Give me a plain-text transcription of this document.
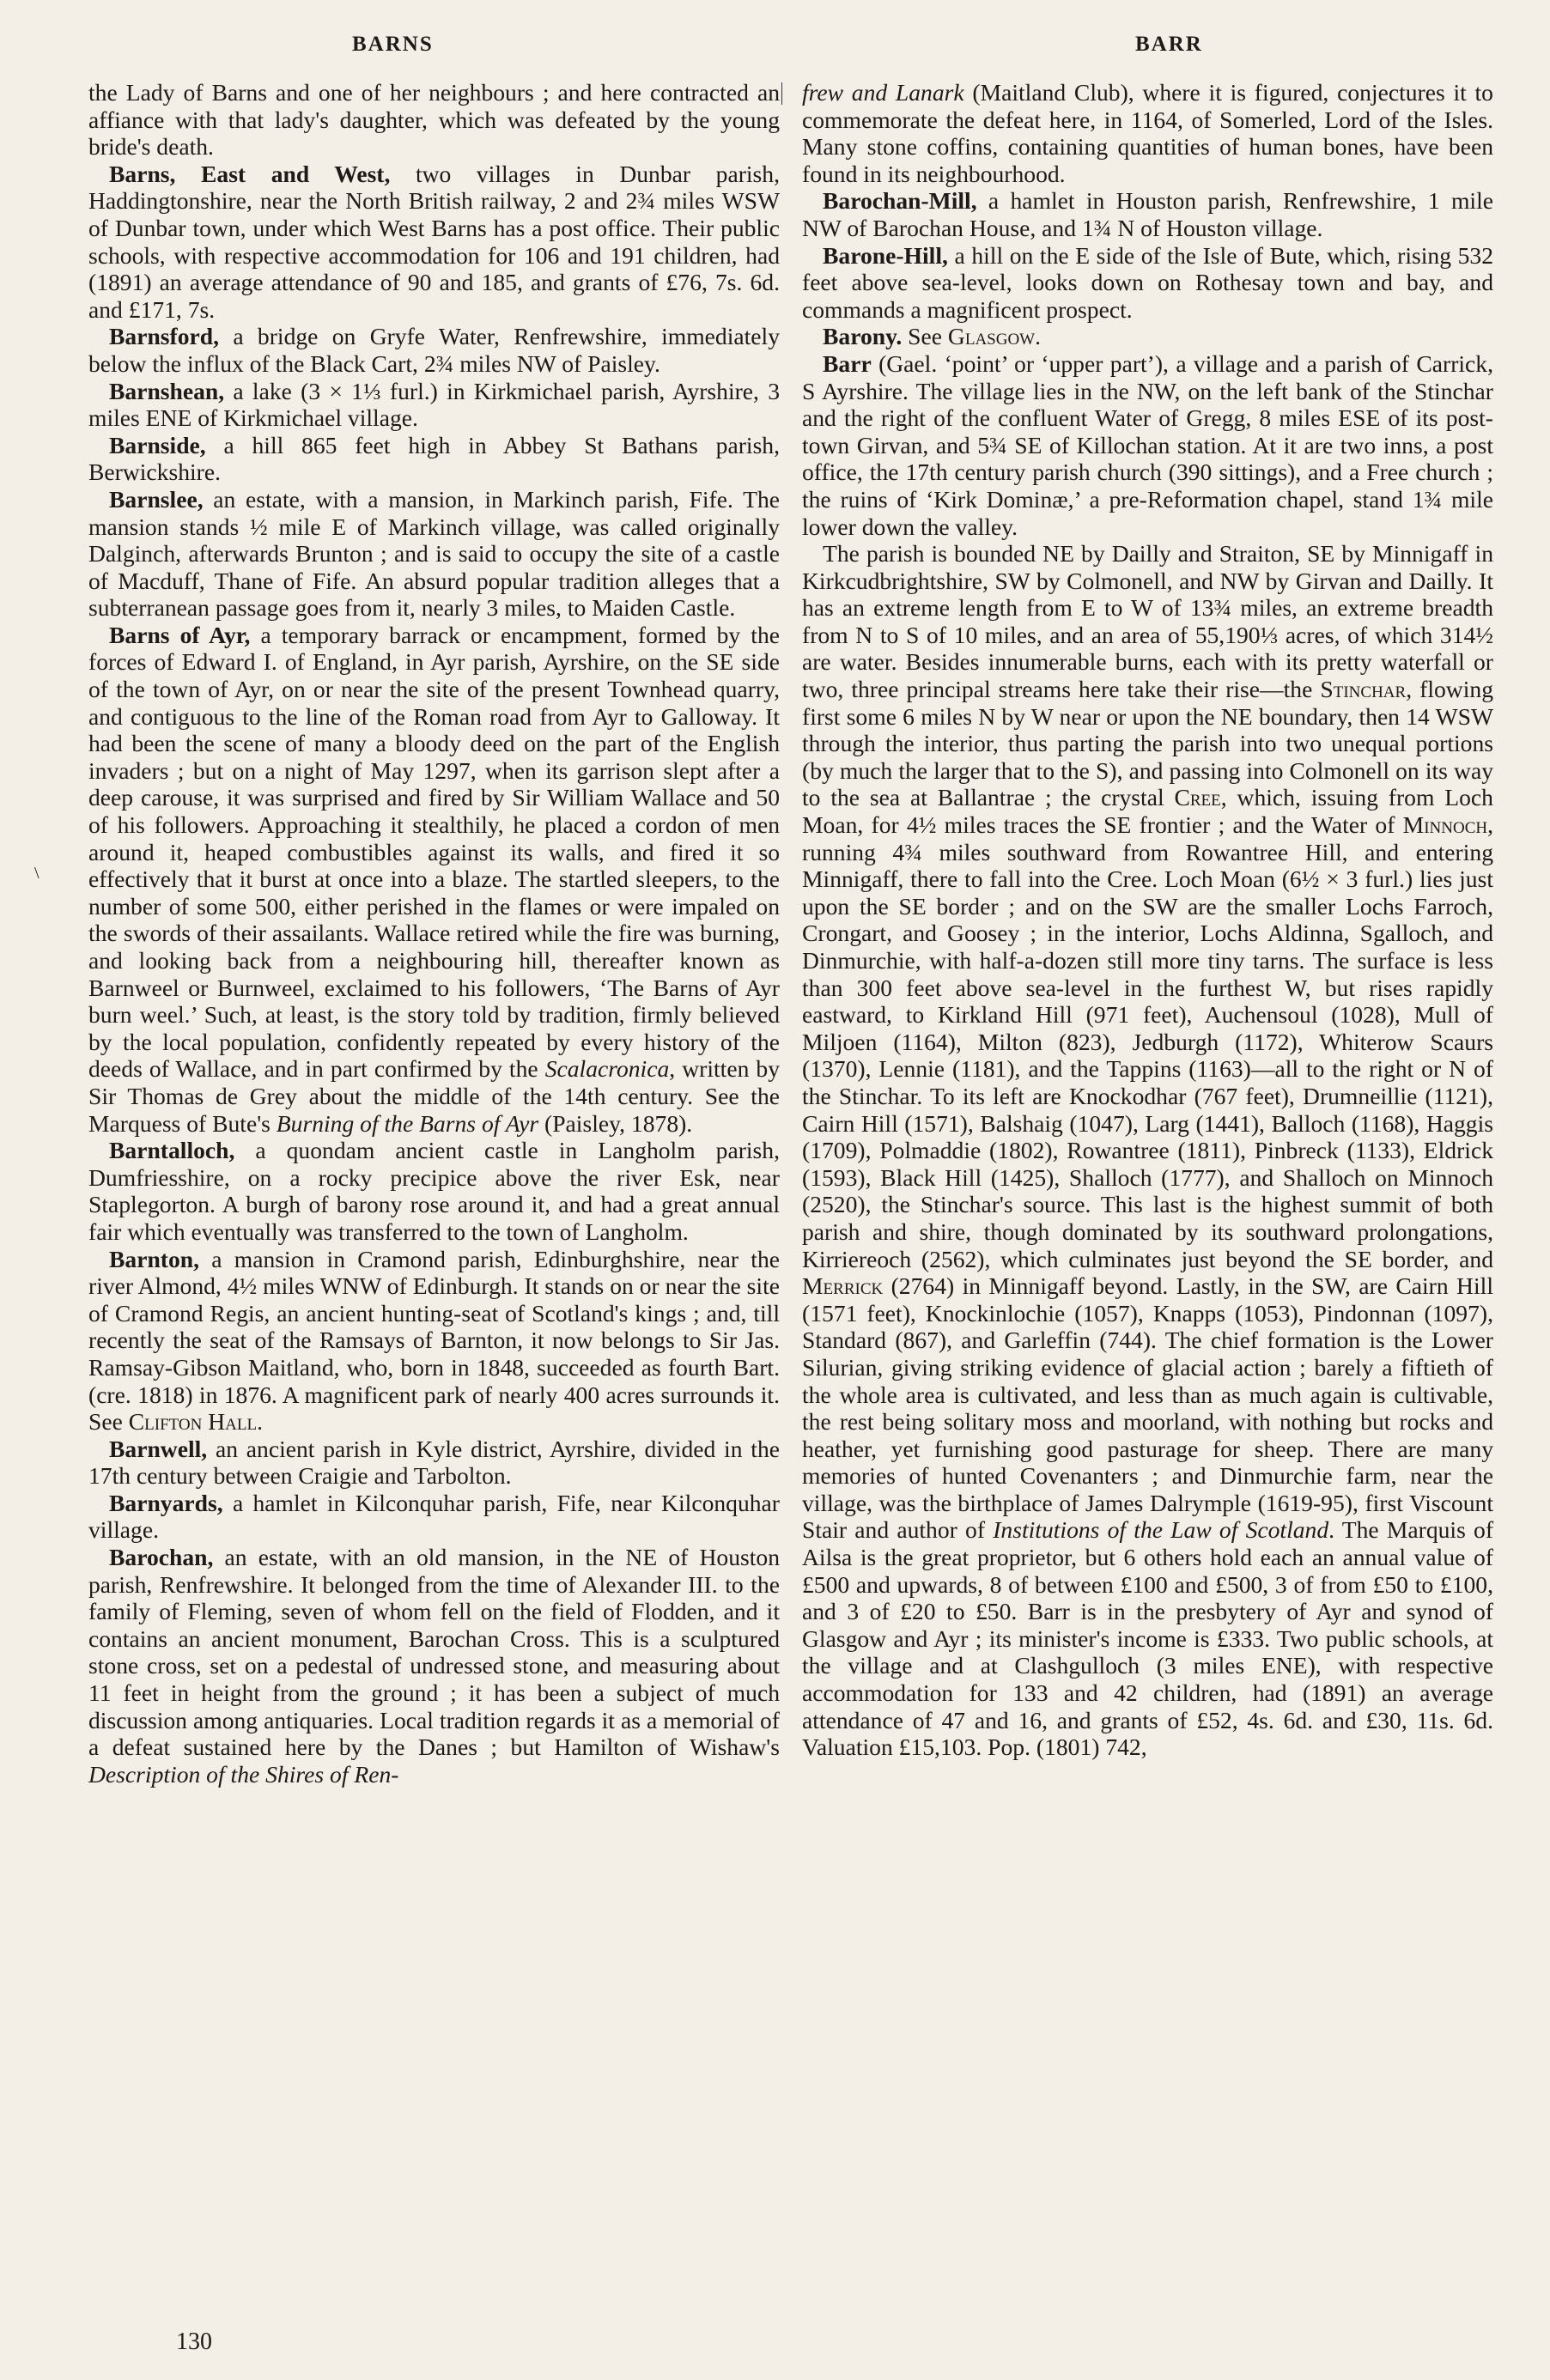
BARNS	BARR
\

the Lady of Barns and one of her neighbours ; and here contracted an affiance with that lady's daughter, which was defeated by the young bride's death.

Barns, East and West, two villages in Dunbar parish, Haddingtonshire, near the North British railway, 2 and 2¾ miles WSW of Dunbar town, under which West Barns has a post office. Their public schools, with respective accommodation for 106 and 191 children, had (1891) an average attendance of 90 and 185, and grants of £76, 7s. 6d. and £171, 7s.

Barnsford, a bridge on Gryfe Water, Renfrewshire, immediately below the influx of the Black Cart, 2¾ miles NW of Paisley.

Barnshean, a lake (3 × 1⅓ furl.) in Kirkmichael parish, Ayrshire, 3 miles ENE of Kirkmichael village.

Barnside, a hill 865 feet high in Abbey St Bathans parish, Berwickshire.

Barnslee, an estate, with a mansion, in Markinch parish, Fife. The mansion stands ½ mile E of Markinch village, was called originally Dalginch, afterwards Brunton ; and is said to occupy the site of a castle of Macduff, Thane of Fife. An absurd popular tradition alleges that a subterranean passage goes from it, nearly 3 miles, to Maiden Castle.

Barns of Ayr, a temporary barrack or encampment, formed by the forces of Edward I. of England, in Ayr parish, Ayrshire, on the SE side of the town of Ayr, on or near the site of the present Townhead quarry, and contiguous to the line of the Roman road from Ayr to Galloway. It had been the scene of many a bloody deed on the part of the English invaders ; but on a night of May 1297, when its garrison slept after a deep carouse, it was surprised and fired by Sir William Wallace and 50 of his followers. Approaching it stealthily, he placed a cordon of men around it, heaped combustibles against its walls, and fired it so effectively that it burst at once into a blaze. The startled sleepers, to the number of some 500, either perished in the flames or were impaled on the swords of their assailants. Wallace retired while the fire was burning, and looking back from a neighbouring hill, thereafter known as Barnweel or Burnweel, exclaimed to his followers, ‘The Barns of Ayr burn weel.’ Such, at least, is the story told by tradition, firmly believed by the local population, confidently repeated by every history of the deeds of Wallace, and in part confirmed by the Scalacronica, written by Sir Thomas de Grey about the middle of the 14th century. See the Marquess of Bute's Burning of the Barns of Ayr (Paisley, 1878).

Barntalloch, a quondam ancient castle in Langholm parish, Dumfriesshire, on a rocky precipice above the river Esk, near Staplegorton. A burgh of barony rose around it, and had a great annual fair which eventually was transferred to the town of Langholm.

Barnton, a mansion in Cramond parish, Edinburghshire, near the river Almond, 4½ miles WNW of Edinburgh. It stands on or near the site of Cramond Regis, an ancient hunting-seat of Scotland's kings ; and, till recently the seat of the Ramsays of Barnton, it now belongs to Sir Jas. Ramsay-Gibson Maitland, who, born in 1848, succeeded as fourth Bart. (cre. 1818) in 1876. A magnificent park of nearly 400 acres surrounds it. See Clifton Hall.

Barnwell, an ancient parish in Kyle district, Ayrshire, divided in the 17th century between Craigie and Tarbolton.

Barnyards, a hamlet in Kilconquhar parish, Fife, near Kilconquhar village.

Barochan, an estate, with an old mansion, in the NE of Houston parish, Renfrewshire. It belonged from the time of Alexander III. to the family of Fleming, seven of whom fell on the field of Flodden, and it contains an ancient monument, Barochan Cross. This is a sculptured stone cross, set on a pedestal of undressed stone, and measuring about 11 feet in height from the ground ; it has been a subject of much discussion among antiquaries. Local tradition regards it as a memorial of a defeat sustained here by the Danes ; but Hamilton of Wishaw's Description of the Shires of Ren-

frew and Lanark (Maitland Club), where it is figured, conjectures it to commemorate the defeat here, in 1164, of Somerled, Lord of the Isles. Many stone coffins, containing quantities of human bones, have been found in its neighbourhood.

Barochan-Mill, a hamlet in Houston parish, Renfrewshire, 1 mile NW of Barochan House, and 1¾ N of Houston village.

Barone-Hill, a hill on the E side of the Isle of Bute, which, rising 532 feet above sea-level, looks down on Rothesay town and bay, and commands a magnificent prospect.

Barony. See Glasgow.

Barr (Gael. ‘point’ or ‘upper part’), a village and a parish of Carrick, S Ayrshire. The village lies in the NW, on the left bank of the Stinchar and the right of the confluent Water of Gregg, 8 miles ESE of its post-town Girvan, and 5¾ SE of Killochan station. At it are two inns, a post office, the 17th century parish church (390 sittings), and a Free church ; the ruins of ‘Kirk Dominæ,’ a pre-Reformation chapel, stand 1¾ mile lower down the valley.

The parish is bounded NE by Dailly and Straiton, SE by Minnigaff in Kirkcudbrightshire, SW by Colmonell, and NW by Girvan and Dailly. It has an extreme length from E to W of 13¾ miles, an extreme breadth from N to S of 10 miles, and an area of 55,190⅓ acres, of which 314½ are water. Besides innumerable burns, each with its pretty waterfall or two, three principal streams here take their rise—the Stinchar, flowing first some 6 miles N by W near or upon the NE boundary, then 14 WSW through the interior, thus parting the parish into two unequal portions (by much the larger that to the S), and passing into Colmonell on its way to the sea at Ballantrae ; the crystal Cree, which, issuing from Loch Moan, for 4½ miles traces the SE frontier ; and the Water of Minnoch, running 4¾ miles southward from Rowantree Hill, and entering Minnigaff, there to fall into the Cree. Loch Moan (6½ × 3 furl.) lies just upon the SE border ; and on the SW are the smaller Lochs Farroch, Crongart, and Goosey ; in the interior, Lochs Aldinna, Sgalloch, and Dinmurchie, with half-a-dozen still more tiny tarns. The surface is less than 300 feet above sea-level in the furthest W, but rises rapidly eastward, to Kirkland Hill (971 feet), Auchensoul (1028), Mull of Miljoen (1164), Milton (823), Jedburgh (1172), Whiterow Scaurs (1370), Lennie (1181), and the Tappins (1163)—all to the right or N of the Stinchar. To its left are Knockodhar (767 feet), Drumneillie (1121), Cairn Hill (1571), Balshaig (1047), Larg (1441), Balloch (1168), Haggis (1709), Polmaddie (1802), Rowantree (1811), Pinbreck (1133), Eldrick (1593), Black Hill (1425), Shalloch (1777), and Shalloch on Minnoch (2520), the Stinchar's source. This last is the highest summit of both parish and shire, though dominated by its southward prolongations, Kirriereoch (2562), which culminates just beyond the SE border, and Merrick (2764) in Minnigaff beyond. Lastly, in the SW, are Cairn Hill (1571 feet), Knockinlochie (1057), Knapps (1053), Pindonnan (1097), Standard (867), and Garleffin (744). The chief formation is the Lower Silurian, giving striking evidence of glacial action ; barely a fiftieth of the whole area is cultivated, and less than as much again is cultivable, the rest being solitary moss and moorland, with nothing but rocks and heather, yet furnishing good pasturage for sheep. There are many memories of hunted Covenanters ; and Dinmurchie farm, near the village, was the birthplace of James Dalrymple (1619-95), first Viscount Stair and author of Institutions of the Law of Scotland. The Marquis of Ailsa is the great proprietor, but 6 others hold each an annual value of £500 and upwards, 8 of between £100 and £500, 3 of from £50 to £100, and 3 of £20 to £50. Barr is in the presbytery of Ayr and synod of Glasgow and Ayr ; its minister's income is £333. Two public schools, at the village and at Clashgulloch (3 miles ENE), with respective accommodation for 133 and 42 children, had (1891) an average attendance of 47 and 16, and grants of £52, 4s. 6d. and £30, 11s. 6d. Valuation £15,103. Pop. (1801) 742,

130
